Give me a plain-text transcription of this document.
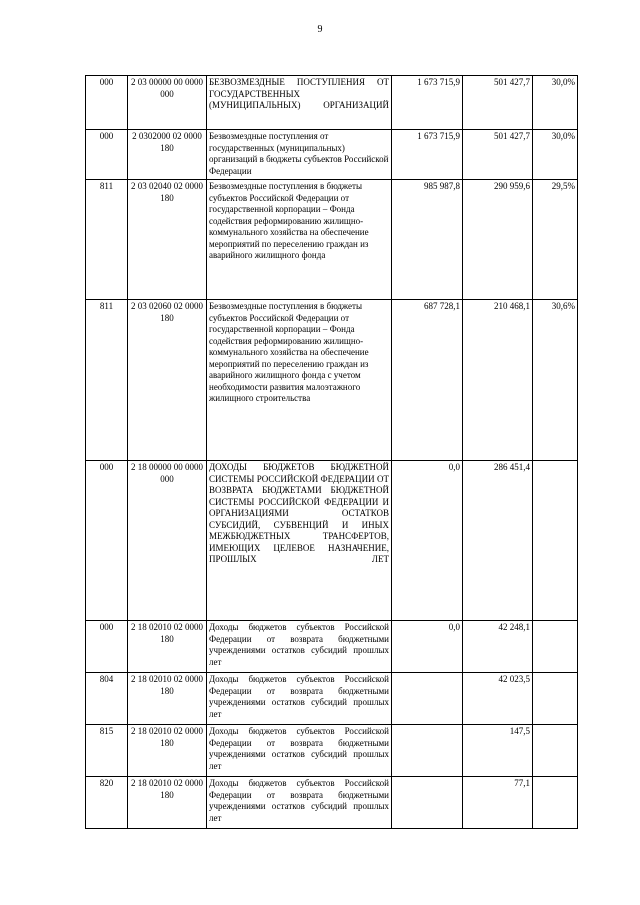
9
000	2 03 00000 00 0000 000	БЕЗВОЗМЕЗДНЫЕ ПОСТУПЛЕНИЯ ОТ ГОСУДАРСТВЕННЫХ (МУНИЦИПАЛЬНЫХ) ОРГАНИЗАЦИЙ	1 673 715,9	501 427,7	30,0%
000	2 0302000 02 0000 180	Безвозмездные поступления от государственных (муниципальных) организаций в бюджеты субъектов Российской Федерации	1 673 715,9	501 427,7	30,0%
811	2 03 02040 02 0000 180	Безвозмездные поступления в бюджеты субъектов Российской Федерации от государственной корпорации – Фонда содействия реформированию жилищно-коммунального хозяйства на обеспечение мероприятий по переселению граждан из аварийного жилищного фонда	985 987,8	290 959,6	29,5%
811	2 03 02060 02 0000 180	Безвозмездные поступления в бюджеты субъектов Российской Федерации от государственной корпорации – Фонда содействия реформированию жилищно-коммунального хозяйства на обеспечение мероприятий по переселению граждан из аварийного жилищного фонда с учетом необходимости развития малоэтажного жилищного строительства	687 728,1	210 468,1	30,6%
000	2 18 00000 00 0000 000	ДОХОДЫ БЮДЖЕТОВ БЮДЖЕТНОЙ СИСТЕМЫ РОССИЙСКОЙ ФЕДЕРАЦИИ ОТ ВОЗВРАТА БЮДЖЕТАМИ БЮДЖЕТНОЙ СИСТЕМЫ РОССИЙСКОЙ ФЕДЕРАЦИИ И ОРГАНИЗАЦИЯМИ ОСТАТКОВ СУБСИДИЙ, СУБВЕНЦИЙ И ИНЫХ МЕЖБЮДЖЕТНЫХ ТРАНСФЕРТОВ, ИМЕЮЩИХ ЦЕЛЕВОЕ НАЗНАЧЕНИЕ, ПРОШЛЫХ ЛЕТ	0,0	286 451,4	
000	2 18 02010 02 0000 180	Доходы бюджетов субъектов Российской Федерации от возврата бюджетными учреждениями остатков субсидий прошлых лет	0,0	42 248,1	
804	2 18 02010 02 0000 180	Доходы бюджетов субъектов Российской Федерации от возврата бюджетными учреждениями остатков субсидий прошлых лет		42 023,5	
815	2 18 02010 02 0000 180	Доходы бюджетов субъектов Российской Федерации от возврата бюджетными учреждениями остатков субсидий прошлых лет		147,5	
820	2 18 02010 02 0000 180	Доходы бюджетов субъектов Российской Федерации от возврата бюджетными учреждениями остатков субсидий прошлых лет		77,1	
